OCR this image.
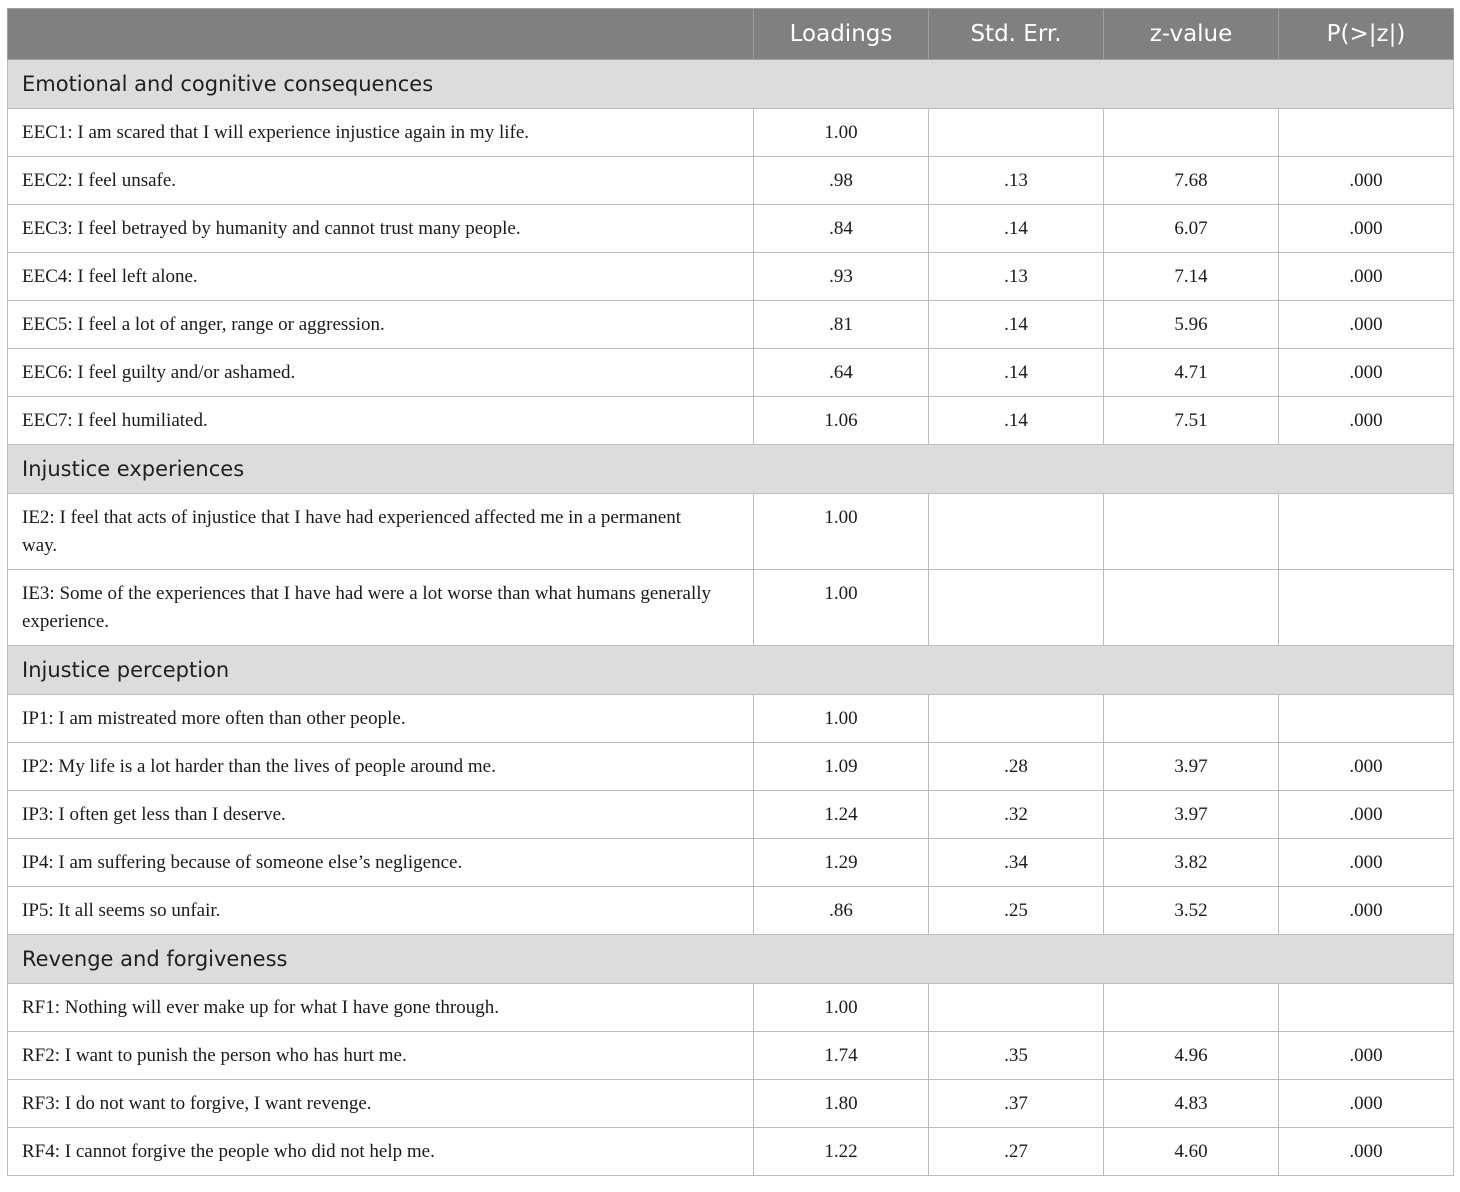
	Loadings	Std. Err.	z-value	P(>|z|)
Emotional and cognitive consequences				
EEC1: I am scared that I will experience injustice again in my life.	1.00			
EEC2: I feel unsafe.	.98	.13	7.68	.000
EEC3: I feel betrayed by humanity and cannot trust many people.	.84	.14	6.07	.000
EEC4: I feel left alone.	.93	.13	7.14	.000
EEC5: I feel a lot of anger, range or aggression.	.81	.14	5.96	.000
EEC6: I feel guilty and/or ashamed.	.64	.14	4.71	.000
EEC7: I feel humiliated.	1.06	.14	7.51	.000
Injustice experiences				
IE2: I feel that acts of injustice that I have had experienced affected me in a permanent way.	1.00			
IE3: Some of the experiences that I have had were a lot worse than what humans generally experience.	1.00			
Injustice perception				
IP1: I am mistreated more often than other people.	1.00			
IP2: My life is a lot harder than the lives of people around me.	1.09	.28	3.97	.000
IP3: I often get less than I deserve.	1.24	.32	3.97	.000
IP4: I am suffering because of someone else’s negligence.	1.29	.34	3.82	.000
IP5: It all seems so unfair.	.86	.25	3.52	.000
Revenge and forgiveness				
RF1: Nothing will ever make up for what I have gone through.	1.00			
RF2: I want to punish the person who has hurt me.	1.74	.35	4.96	.000
RF3: I do not want to forgive, I want revenge.	1.80	.37	4.83	.000
RF4: I cannot forgive the people who did not help me.	1.22	.27	4.60	.000
